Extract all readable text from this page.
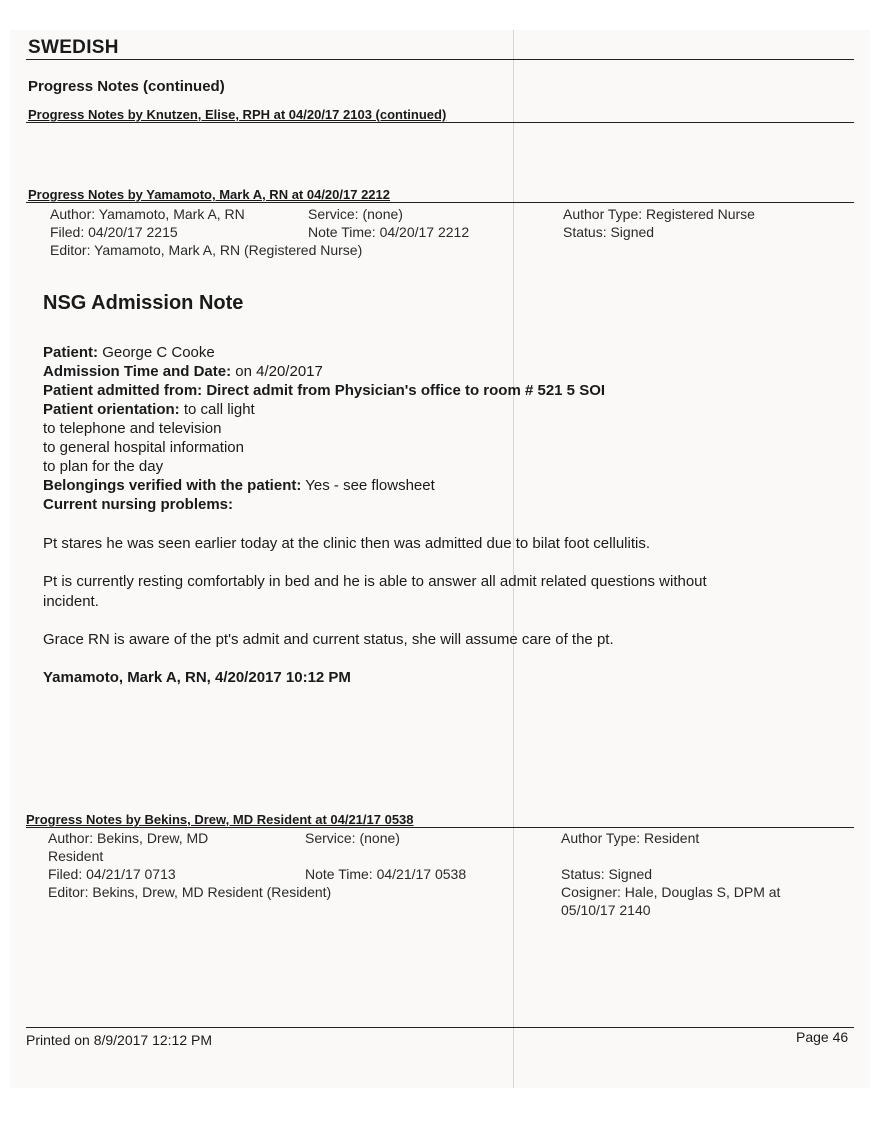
SWEDISH
Progress Notes (continued)
Progress Notes by Knutzen, Elise, RPH at 04/20/17 2103 (continued)
Progress Notes by Yamamoto, Mark A, RN at 04/20/17 2212
Author: Yamamoto, Mark A, RN	Service: (none)	Author Type: Registered Nurse
Filed: 04/20/17 2215	Note Time: 04/20/17 2212	Status: Signed
Editor: Yamamoto, Mark A, RN (Registered Nurse)
NSG Admission Note
Patient: George C Cooke
Admission Time and Date: on 4/20/2017
Patient admitted from: Direct admit from Physician's office to room # 521 5 SOI
Patient orientation: to call light
to telephone and television
to general hospital information
to plan for the day
Belongings verified with the patient: Yes - see flowsheet
Current nursing problems:
Pt stares he was seen earlier today at the clinic then was admitted due to bilat foot cellulitis.
Pt is currently resting comfortably in bed and he is able to answer all admit related questions without
incident.
Grace RN is aware of the pt's admit and current status, she will assume care of the pt.
Yamamoto, Mark A, RN, 4/20/2017 10:12 PM
Progress Notes by Bekins, Drew, MD Resident at 04/21/17 0538
Author: Bekins, Drew, MD
Resident
Service: (none)	Author Type: Resident
Filed: 04/21/17 0713	Note Time: 04/21/17 0538	Status: Signed
Editor: Bekins, Drew, MD Resident (Resident)	Cosigner: Hale, Douglas S, DPM at
05/10/17 2140
Printed on 8/9/2017 12:12 PM	Page 46
